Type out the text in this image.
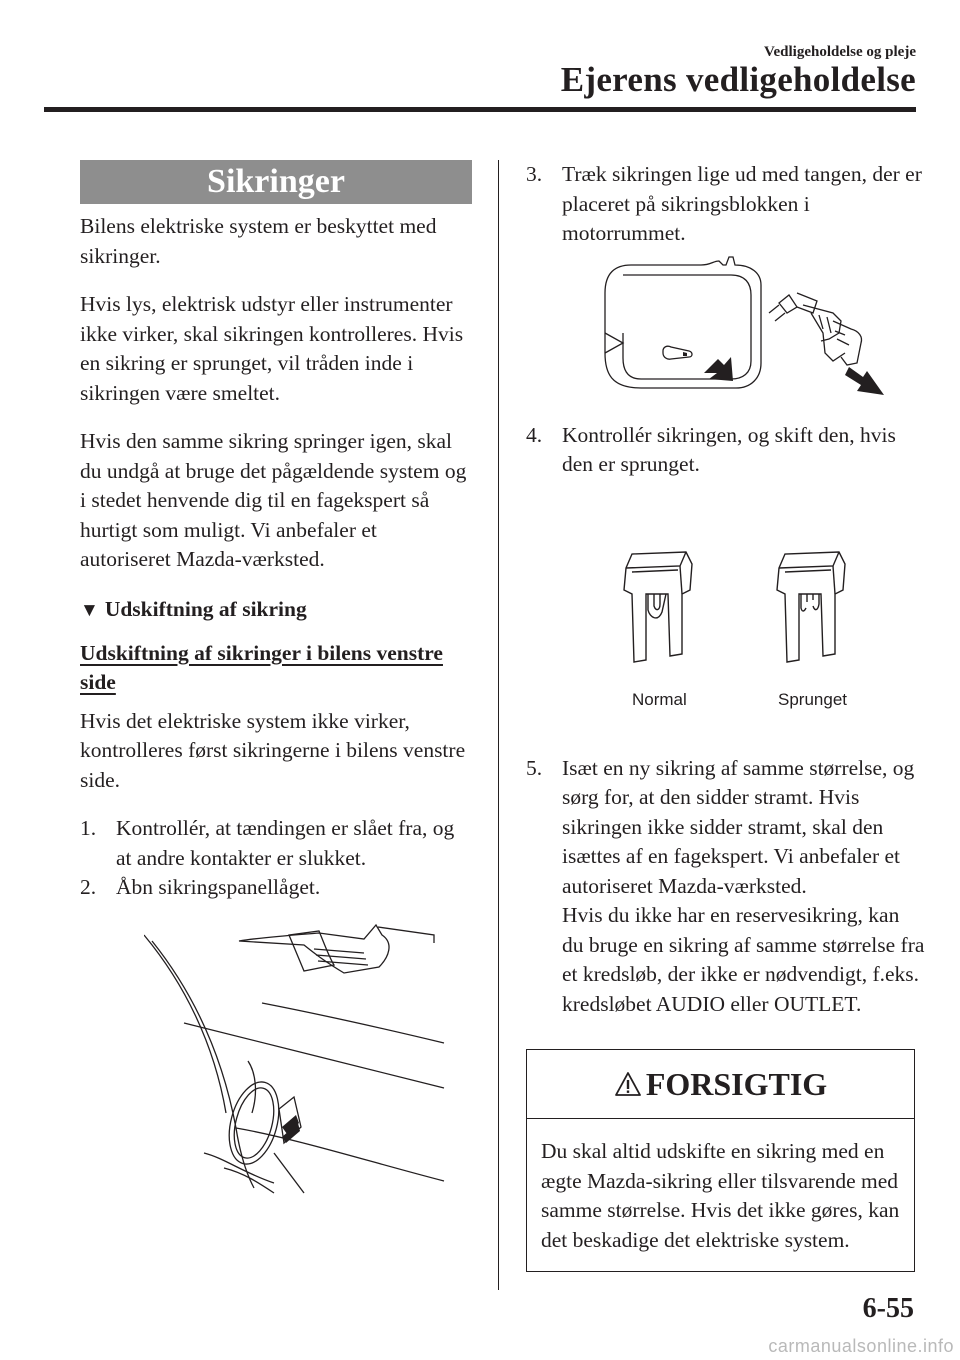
Vedligeholdelse og pleje
Ejerens vedligeholdelse
Sikringer

Bilens elektriske system er beskyttet med sikringer.

Hvis lys, elektrisk udstyr eller instrumenter ikke virker, skal sikringen kontrolleres. Hvis en sikring er sprunget, vil tråden inde i sikringen være smeltet.

Hvis den samme sikring springer igen, skal du undgå at bruge det pågældende system og i stedet henvende dig til en fagekspert så hurtigt som muligt. Vi anbefaler et autoriseret Mazda-værksted.

▼ Udskiftning af sikring
Udskiftning af sikringer i bilens venstre side

Hvis det elektriske system ikke virker, kontrolleres først sikringerne i bilens venstre side.

1. Kontrollér, at tændingen er slået fra, og at andre kontakter er slukket.
2. Åbn sikringspanellåget.
3. Træk sikringen lige ud med tangen, der er placeret på sikringsblokken i motorrummet.
4. Kontrollér sikringen, og skift den, hvis den er sprunget.
Normal	Sprunget
5. Isæt en ny sikring af samme størrelse, og sørg for, at den sidder stramt. Hvis sikringen ikke sidder stramt, skal den isættes af en fagekspert. Vi anbefaler et autoriseret Mazda-værksted.
Hvis du ikke har en reservesikring, kan du bruge en sikring af samme størrelse fra et kredsløb, der ikke er nødvendigt, f.eks. kredsløbet AUDIO eller OUTLET.
FORSIGTIG
Du skal altid udskifte en sikring med en ægte Mazda-sikring eller tilsvarende med samme størrelse. Hvis det ikke gøres, kan det beskadige det elektriske system.
6-55
carmanualsonline.info
